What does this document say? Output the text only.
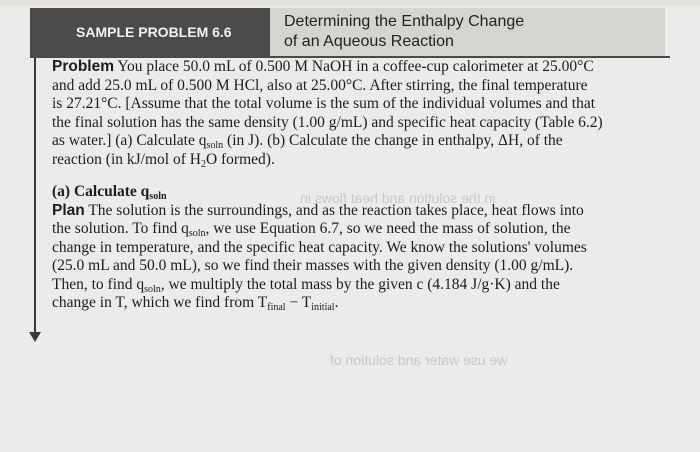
SAMPLE PROBLEM 6.6
Determining the Enthalpy Change
of an Aqueous Reaction
in the solution and heat flows in
we use water and solution of
Problem You place 50.0 mL of 0.500 M NaOH in a coffee-cup calorimeter at 25.00°C
and add 25.0 mL of 0.500 M HCl, also at 25.00°C. After stirring, the final temperature
is 27.21°C. [Assume that the total volume is the sum of the individual volumes and that
the final solution has the same density (1.00 g/mL) and specific heat capacity (Table 6.2)
as water.] (a) Calculate $q_{soln}$ (in J). (b) Calculate the change in enthalpy, ΔH, of the
reaction (in kJ/mol of $H_2O$ formed).
(a) Calculate $q_{soln}$
Plan The solution is the surroundings, and as the reaction takes place, heat flows into
the solution. To find $q_{soln}$, we use Equation 6.7, so we need the mass of solution, the
change in temperature, and the specific heat capacity. We know the solutions' volumes
(25.0 mL and 50.0 mL), so we find their masses with the given density (1.00 g/mL).
Then, to find $q_{soln}$, we multiply the total mass by the given c (4.184 J/g·K) and the
change in T, which we find from $T_{final} - T_{initial}$.
